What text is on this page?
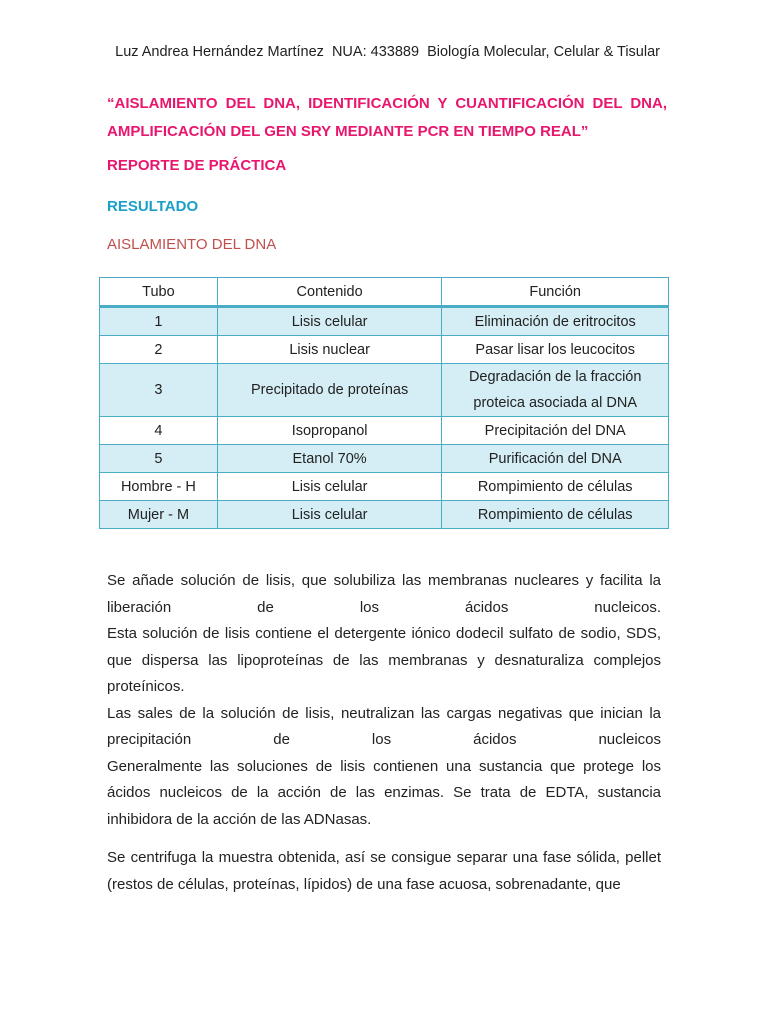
Luz Andrea Hernández Martínez  NUA: 433889  Biología Molecular, Celular & Tisular
“AISLAMIENTO DEL DNA, IDENTIFICACIÓN Y CUANTIFICACIÓN DEL DNA,
AMPLIFICACIÓN DEL GEN SRY MEDIANTE PCR EN TIEMPO REAL”
REPORTE DE PRÁCTICA
RESULTADO
AISLAMIENTO DEL DNA
Tubo	Contenido	Función
1	Lisis celular	Eliminación de eritrocitos
2	Lisis nuclear	Pasar lisar los leucocitos
3	Precipitado de proteínas	Degradación de la fracción
proteica asociada al DNA
4	Isopropanol	Precipitación del DNA
5	Etanol 70%	Purificación del DNA
Hombre - H	Lisis celular	Rompimiento de células
Mujer - M	Lisis celular	Rompimiento de células

Se añade solución de lisis, que solubiliza las membranas nucleares y facilita la

liberación de los ácidos nucleicos.

Esta solución de lisis contiene el detergente iónico dodecil sulfato de sodio, SDS, que dispersa las lipoproteínas de las membranas y desnaturaliza complejos proteínicos.

Las sales de la solución de lisis, neutralizan las cargas negativas que inician la

precipitación de los ácidos nucleicos

Generalmente las soluciones de lisis contienen una sustancia que protege los ácidos nucleicos de la acción de las enzimas. Se trata de EDTA, sustancia inhibidora de la acción de las ADNasas.

Se centrifuga la muestra obtenida, así se consigue separar una fase sólida, pellet (restos de células, proteínas, lípidos) de una fase acuosa, sobrenadante, que
